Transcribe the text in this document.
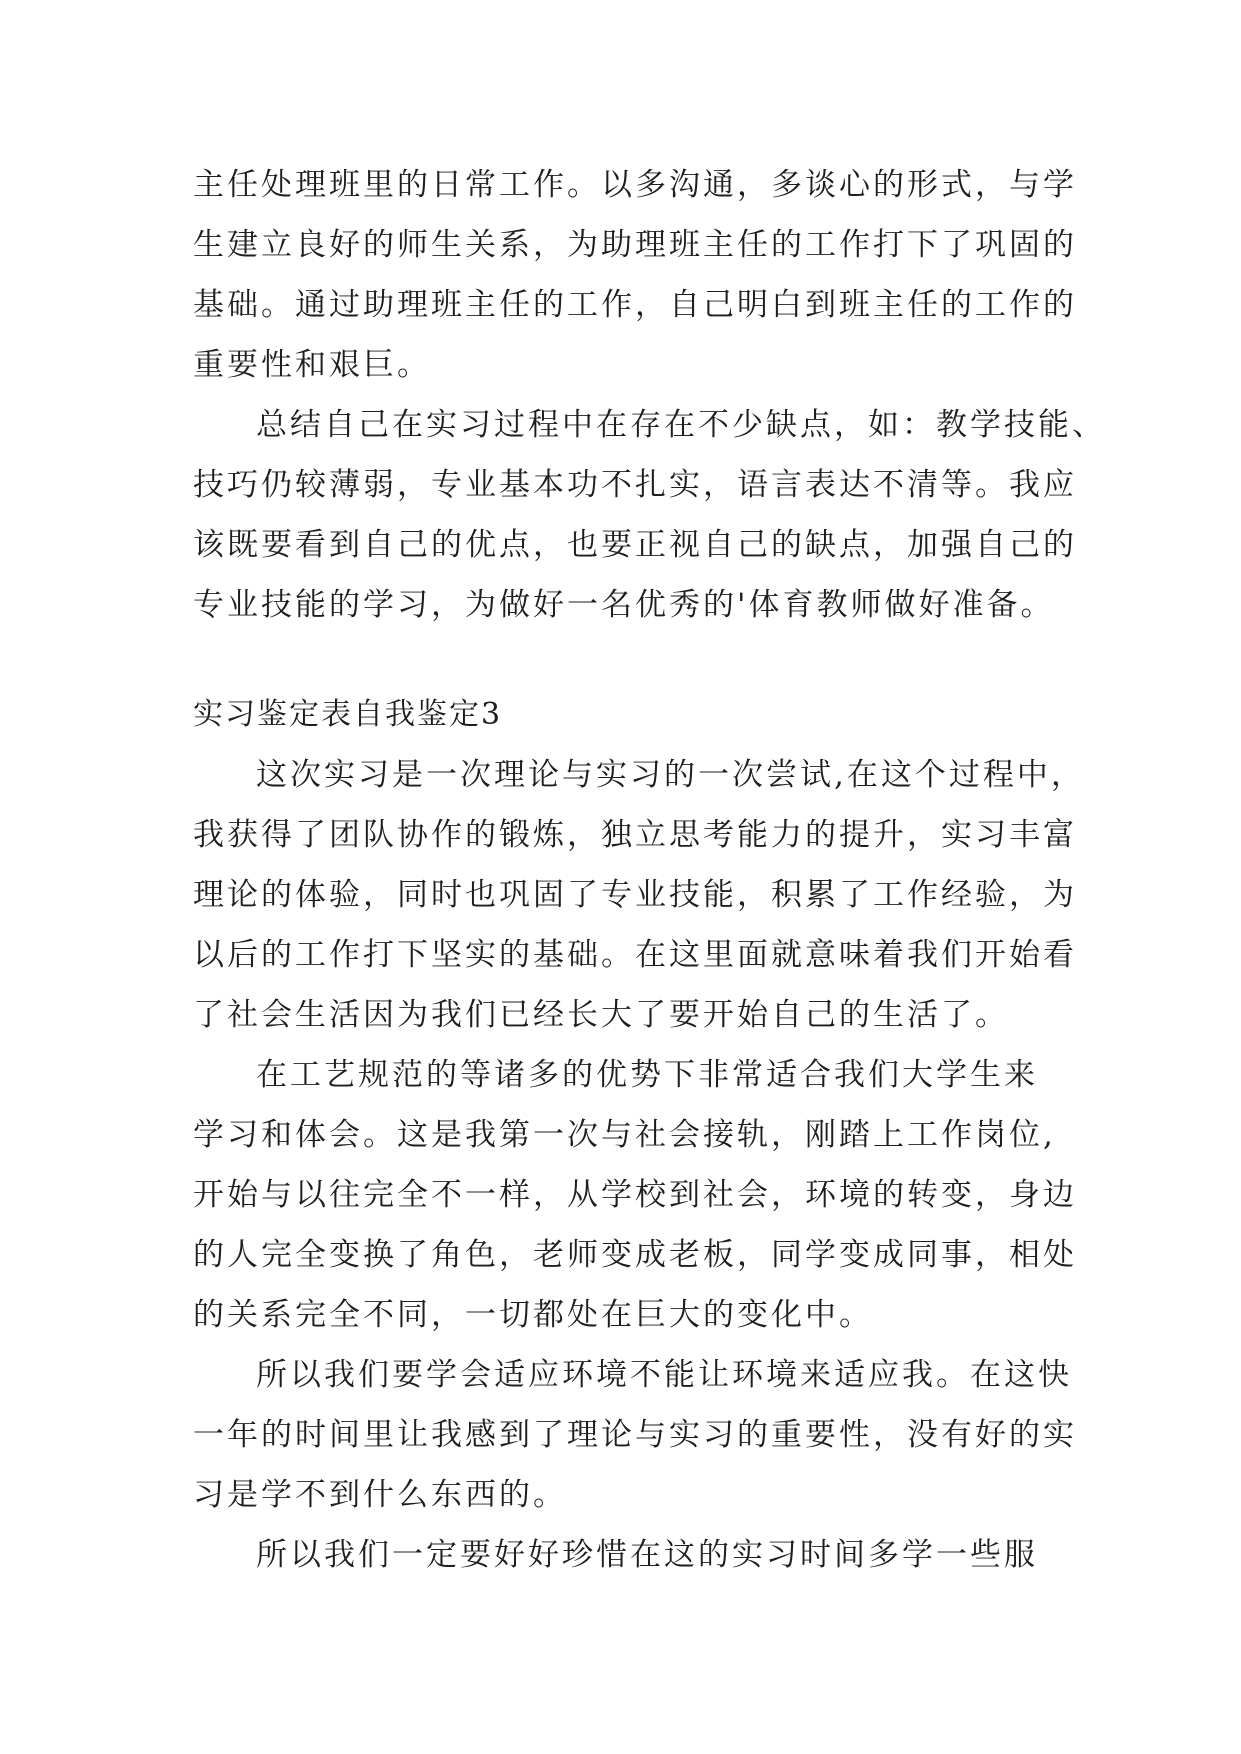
主任处理班里的日常工作。以多沟通，多谈心的形式，与学
生建立良好的师生关系，为助理班主任的工作打下了巩固的
基础。通过助理班主任的工作，自己明白到班主任的工作的
重要性和艰巨。
总结自己在实习过程中在存在不少缺点，如：教学技能、
技巧仍较薄弱，专业基本功不扎实，语言表达不清等。我应
该既要看到自己的优点，也要正视自己的缺点，加强自己的
专业技能的学习，为做好一名优秀的'体育教师做好准备。
实习鉴定表自我鉴定3
这次实习是一次理论与实习的一次尝试,在这个过程中，
我获得了团队协作的锻炼，独立思考能力的提升，实习丰富
理论的体验，同时也巩固了专业技能，积累了工作经验，为
以后的工作打下坚实的基础。在这里面就意味着我们开始看
了社会生活因为我们已经长大了要开始自己的生活了。
在工艺规范的等诸多的优势下非常适合我们大学生来
学习和体会。这是我第一次与社会接轨，刚踏上工作岗位,
开始与以往完全不一样，从学校到社会，环境的转变，身边
的人完全变换了角色，老师变成老板，同学变成同事，相处
的关系完全不同，一切都处在巨大的变化中。
所以我们要学会适应环境不能让环境来适应我。在这快
一年的时间里让我感到了理论与实习的重要性，没有好的实
习是学不到什么东西的。
所以我们一定要好好珍惜在这的实习时间多学一些服
